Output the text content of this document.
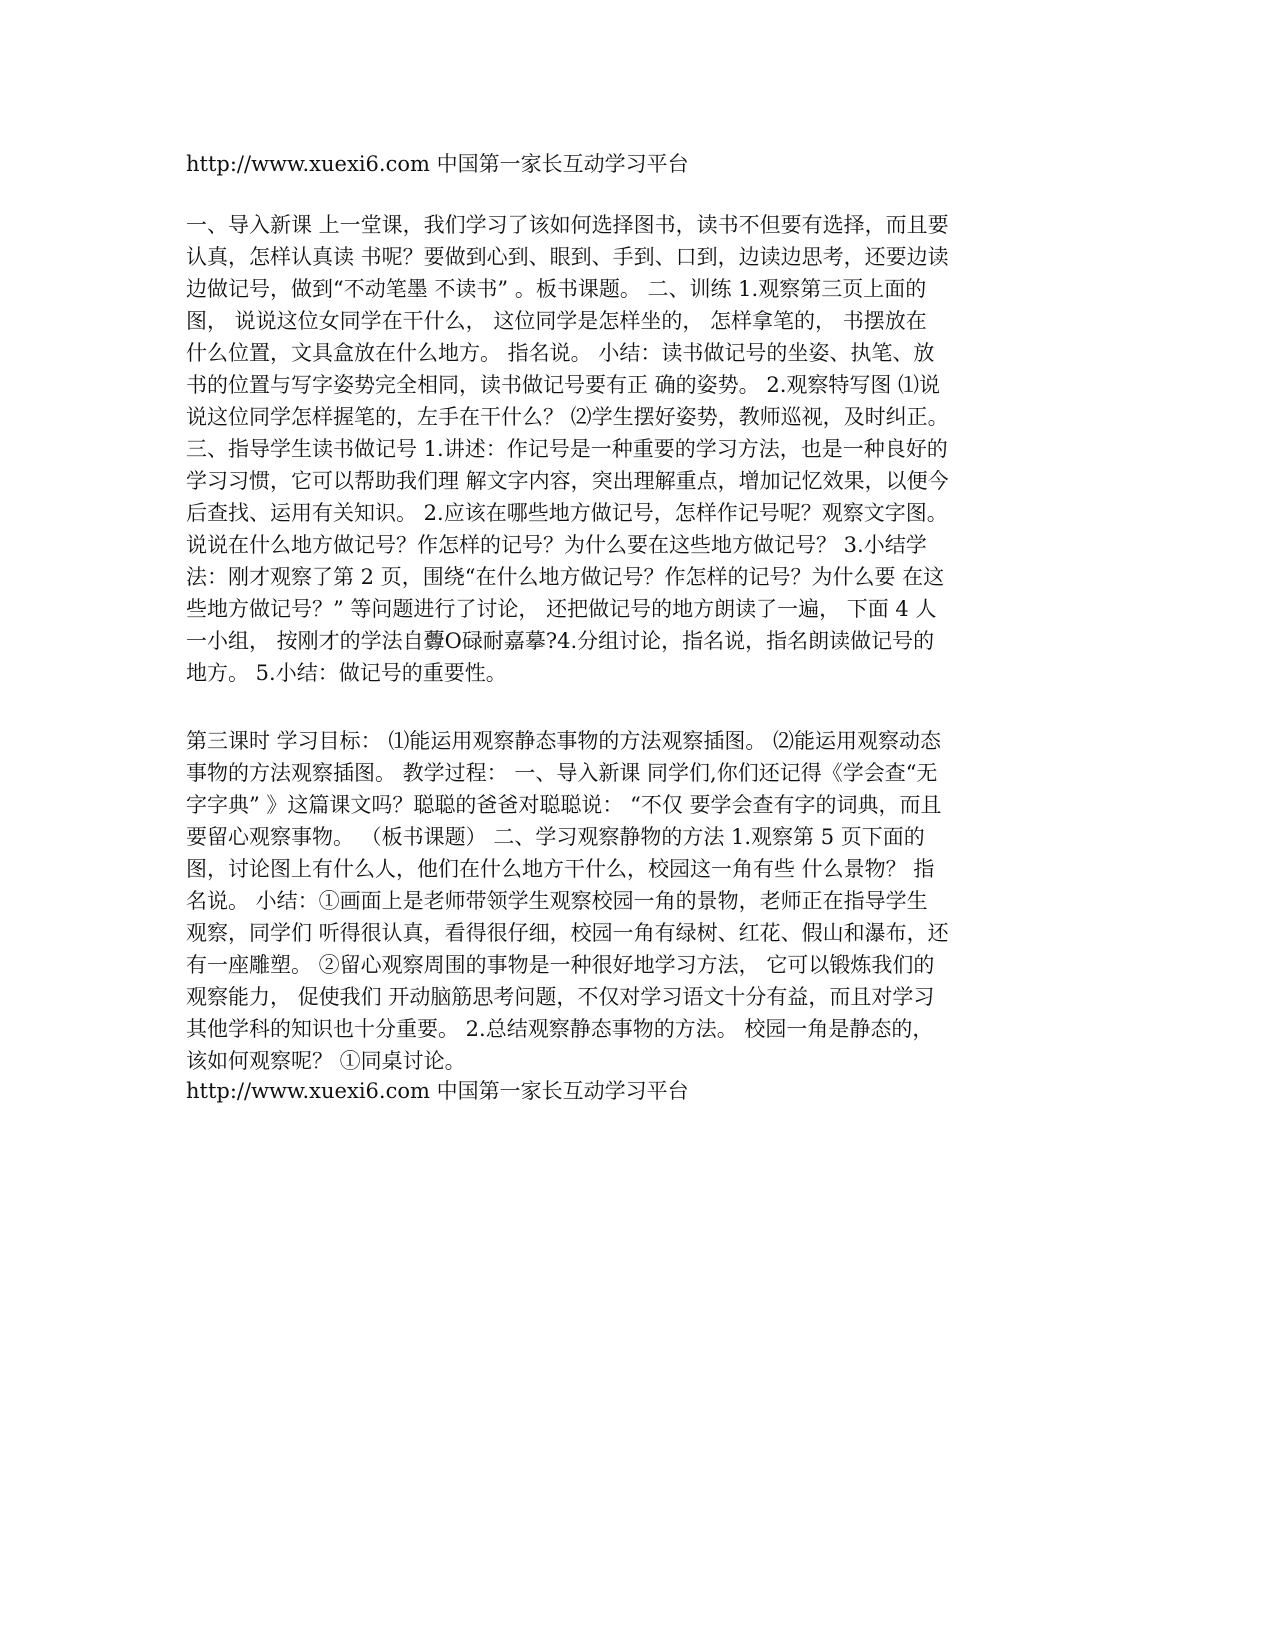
http://www.xuexi6.com 中国第一家长互动学习平台
一、导入新课 上一堂课，我们学习了该如何选择图书，读书不但要有选择，而且要
认真，怎样认真读 书呢？要做到心到、眼到、手到、口到，边读边思考，还要边读
边做记号，做到“不动笔墨 不读书” 。板书课题。 二、训练 1.观察第三页上面的
图， 说说这位女同学在干什么， 这位同学是怎样坐的， 怎样拿笔的， 书摆放在
什么位置，文具盒放在什么地方。 指名说。 小结：读书做记号的坐姿、执笔、放
书的位置与写字姿势完全相同，读书做记号要有正 确的姿势。 2.观察特写图 ⑴说
说这位同学怎样握笔的，左手在干什么？ ⑵学生摆好姿势，教师巡视，及时纠正。
三、指导学生读书做记号 1.讲述：作记号是一种重要的学习方法，也是一种良好的
学习习惯，它可以帮助我们理 解文字内容，突出理解重点，增加记忆效果，以便今
后查找、运用有关知识。 2.应该在哪些地方做记号，怎样作记号呢？观察文字图。
说说在什么地方做记号？作怎样的记号？为什么要在这些地方做记号？ 3.小结学
法：刚才观察了第 2 页，围绕“在什么地方做记号？作怎样的记号？为什么要 在这
些地方做记号？” 等问题进行了讨论， 还把做记号的地方朗读了一遍， 下面 4 人
一小组， 按刚才的学法自虋O碌耐嘉摹?4.分组讨论，指名说，指名朗读做记号的
地方。 5.小结：做记号的重要性。
第三课时 学习目标： ⑴能运用观察静态事物的方法观察插图。 ⑵能运用观察动态
事物的方法观察插图。 教学过程： 一、导入新课 同学们,你们还记得《学会查“无
字字典” 》这篇课文吗？聪聪的爸爸对聪聪说： “不仅 要学会查有字的词典，而且
要留心观察事物。 （板书课题） 二、学习观察静物的方法 1.观察第 5 页下面的
图，讨论图上有什么人，他们在什么地方干什么，校园这一角有些 什么景物？ 指
名说。 小结：①画面上是老师带领学生观察校园一角的景物，老师正在指导学生
观察，同学们 听得很认真，看得很仔细，校园一角有绿树、红花、假山和瀑布，还
有一座雕塑。 ②留心观察周围的事物是一种很好地学习方法， 它可以锻炼我们的
观察能力， 促使我们 开动脑筋思考问题，不仅对学习语文十分有益，而且对学习
其他学科的知识也十分重要。 2.总结观察静态事物的方法。 校园一角是静态的，
该如何观察呢？ ①同桌讨论。
http://www.xuexi6.com 中国第一家长互动学习平台
